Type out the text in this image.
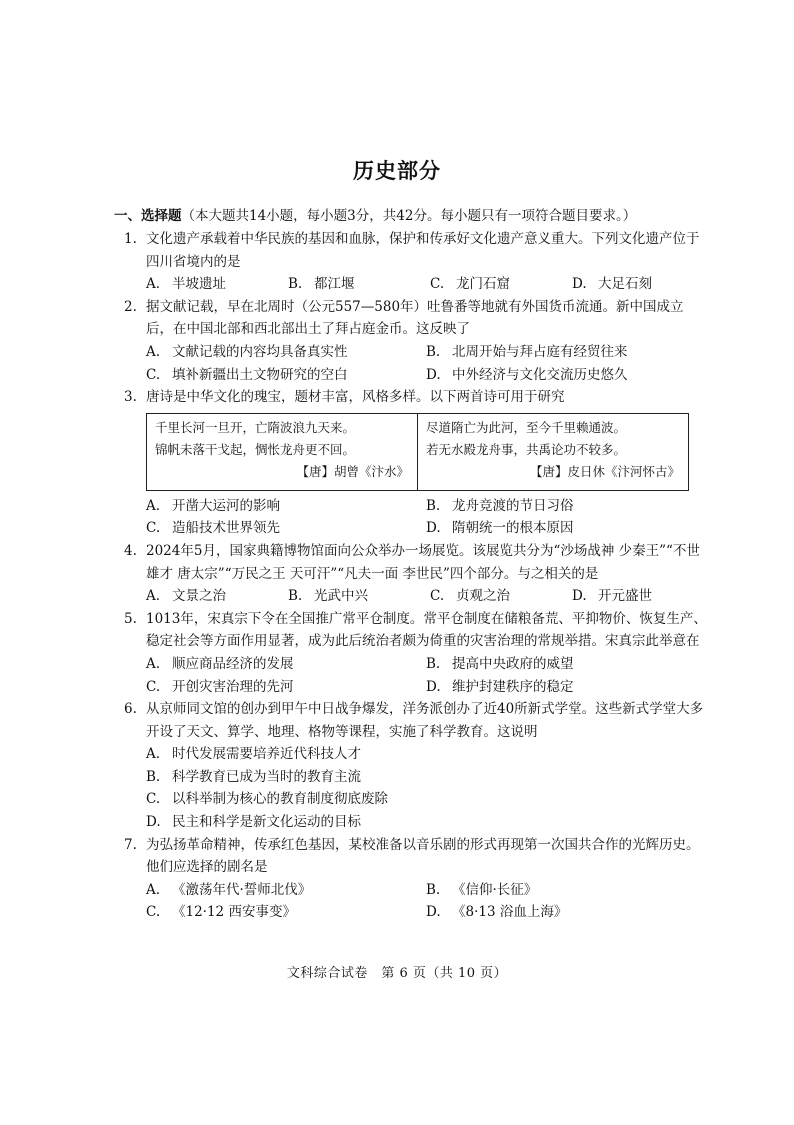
历史部分
一、选择题（本大题共14小题，每小题3分，共42分。每小题只有一项符合题目要求。）
1. 文化遗产承载着中华民族的基因和血脉，保护和传承好文化遗产意义重大。下列文化遗产位于四川省境内的是
A. 半坡遗址	B. 都江堰	C. 龙门石窟	D. 大足石刻
2. 据文献记载，早在北周时（公元557—580年）吐鲁番等地就有外国货币流通。新中国成立后，在中国北部和西北部出土了拜占庭金币。这反映了
A. 文献记载的内容均具备真实性	B. 北周开始与拜占庭有经贸往来
C. 填补新疆出土文物研究的空白	D. 中外经济与文化交流历史悠久
3. 唐诗是中华文化的瑰宝，题材丰富，风格多样。以下两首诗可用于研究
千里长河一旦开，亡隋波浪九天来。
锦帆未落干戈起，惆怅龙舟更不回。
【唐】胡曾《汴水》
尽道隋亡为此河，至今千里赖通波。
若无水殿龙舟事，共禹论功不较多。
【唐】皮日休《汴河怀古》
A. 开凿大运河的影响	B. 龙舟竞渡的节日习俗
C. 造船技术世界领先	D. 隋朝统一的根本原因
4. 2024年5月，国家典籍博物馆面向公众举办一场展览。该展览共分为“沙场战神 少秦王”“不世雄才 唐太宗”“万民之王 天可汗”“凡夫一面 李世民”四个部分。与之相关的是
A. 文景之治	B. 光武中兴	C. 贞观之治	D. 开元盛世
5. 1013年，宋真宗下令在全国推广常平仓制度。常平仓制度在储粮备荒、平抑物价、恢复生产、稳定社会等方面作用显著，成为此后统治者颇为倚重的灾害治理的常规举措。宋真宗此举意在
A. 顺应商品经济的发展	B. 提高中央政府的威望
C. 开创灾害治理的先河	D. 维护封建秩序的稳定
6. 从京师同文馆的创办到甲午中日战争爆发，洋务派创办了近40所新式学堂。这些新式学堂大多开设了天文、算学、地理、格物等课程，实施了科学教育。这说明
A. 时代发展需要培养近代科技人才
B. 科学教育已成为当时的教育主流
C. 以科举制为核心的教育制度彻底废除
D. 民主和科学是新文化运动的目标
7. 为弘扬革命精神，传承红色基因，某校准备以音乐剧的形式再现第一次国共合作的光辉历史。他们应选择的剧名是
A. 《激荡年代·誓师北伐》	B. 《信仰·长征》
C. 《12·12 西安事变》	D. 《8·13 浴血上海》
文科综合试卷　第 6 页（共 10 页）
